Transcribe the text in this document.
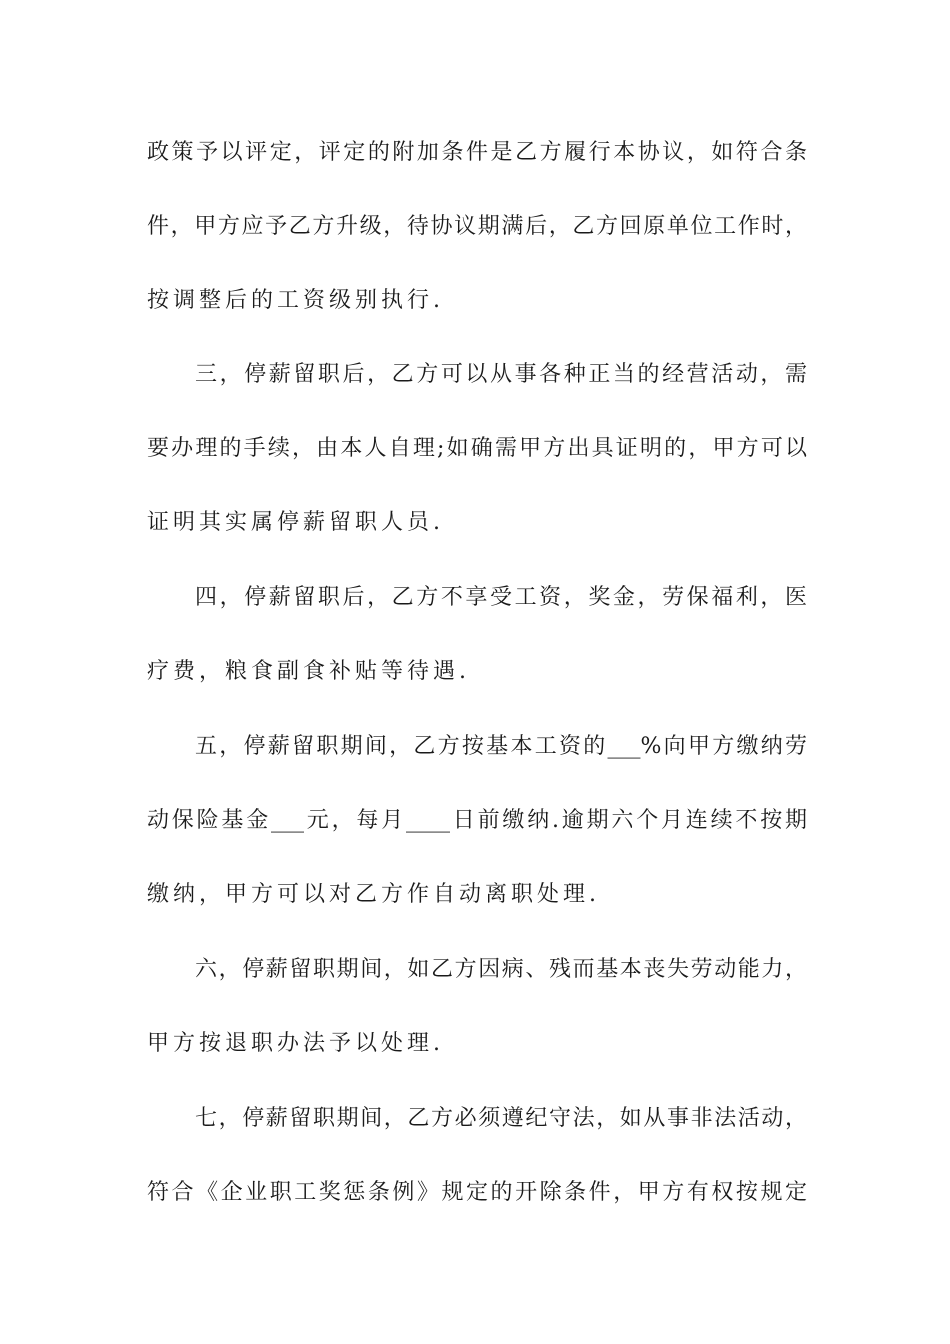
政策予以评定，评定的附加条件是乙方履行本协议，如符合条
件，甲方应予乙方升级，待协议期满后，乙方回原单位工作时，
按调整后的工资级别执行.
三，停薪留职后，乙方可以从事各种正当的经营活动，需
要办理的手续，由本人自理;如确需甲方出具证明的，甲方可以
证明其实属停薪留职人员.
四，停薪留职后，乙方不享受工资，奖金，劳保福利，医
疗费，粮食副食补贴等待遇.
五，停薪留职期间，乙方按基本工资的___%向甲方缴纳劳
动保险基金___元，每月____日前缴纳.逾期六个月连续不按期
缴纳，甲方可以对乙方作自动离职处理.
六，停薪留职期间，如乙方因病、残而基本丧失劳动能力，
甲方按退职办法予以处理.
七，停薪留职期间，乙方必须遵纪守法，如从事非法活动，
符合《企业职工奖惩条例》规定的开除条件，甲方有权按规定
